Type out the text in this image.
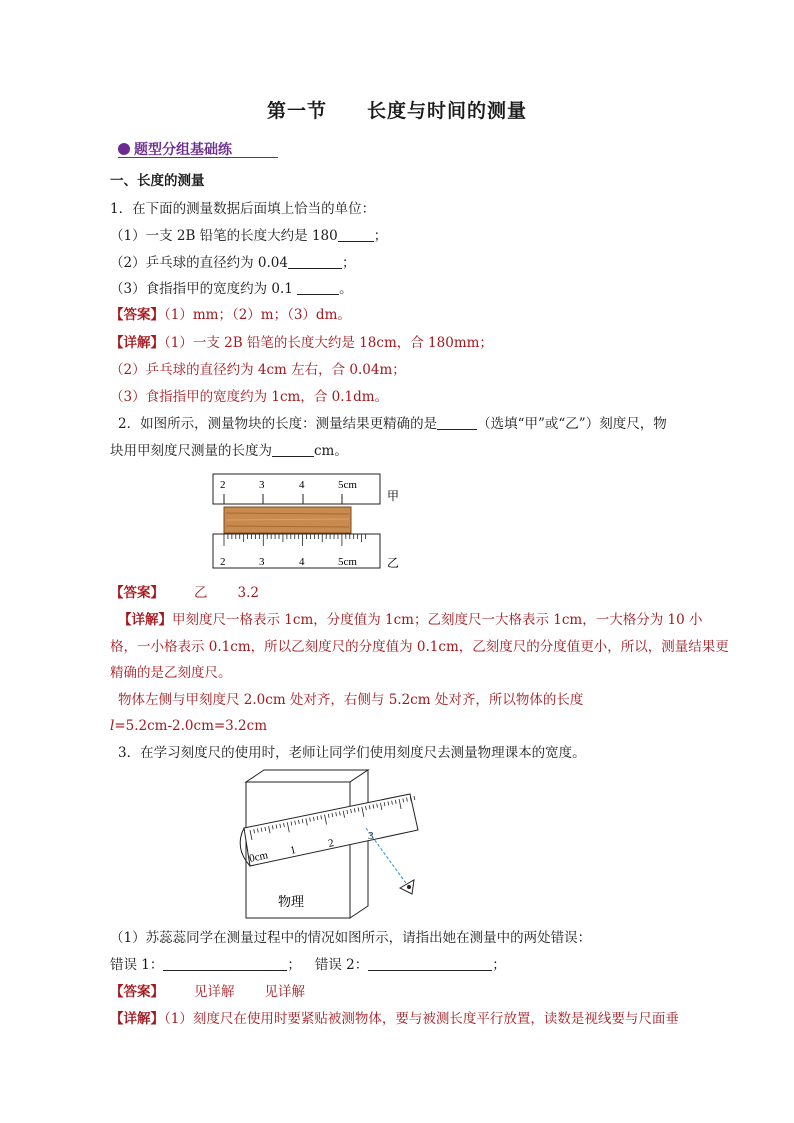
第一节 长度与时间的测量
题型分组基础练
一、长度的测量
1．在下面的测量数据后面填上恰当的单位：
（1）一支 2B 铅笔的长度大约是 180	；
（2）乒乓球的直径约为 0.04	；
（3）食指指甲的宽度约为 0.1	。
【答案】（1）mm；（2）m；（3）dm。
【详解】（1）一支 2B 铅笔的长度大约是 18cm，合 180mm；
（2）乒乓球的直径约为 4cm 左右，合 0.04m；
（3）食指指甲的宽度约为 1cm，合 0.1dm。
2．如图所示，测量物块的长度：测量结果更精确的是	（选填“甲”或“乙”）刻度尺，物
块用甲刻度尺测量的长度为	cm。
2	3	4	5cm
甲
2	3	4	5cm	乙
【答案】 乙 3.2
【详解】甲刻度尺一格表示 1cm，分度值为 1cm；乙刻度尺一大格表示 1cm，一大格分为 10 小
格，一小格表示 0.1cm，所以乙刻度尺的分度值为 0.1cm，乙刻度尺的分度值更小，所以，测量结果更
精确的是乙刻度尺。
物体左侧与甲刻度尺 2.0cm 处对齐，右侧与 5.2cm 处对齐，所以物体的长度
l=5.2cm-2.0cm=3.2cm
3．在学习刻度尺的使用时，老师让同学们使用刻度尺去测量物理课本的宽度。
0cm 1
2
3
物理
（1）苏蕊蕊同学在测量过程中的情况如图所示，请指出她在测量中的两处错误：
错误 1：	； 错误 2：	；
【答案】 见详解 见详解
【详解】（1）刻度尺在使用时要紧贴被测物体，要与被测长度平行放置，读数是视线要与尺面垂
